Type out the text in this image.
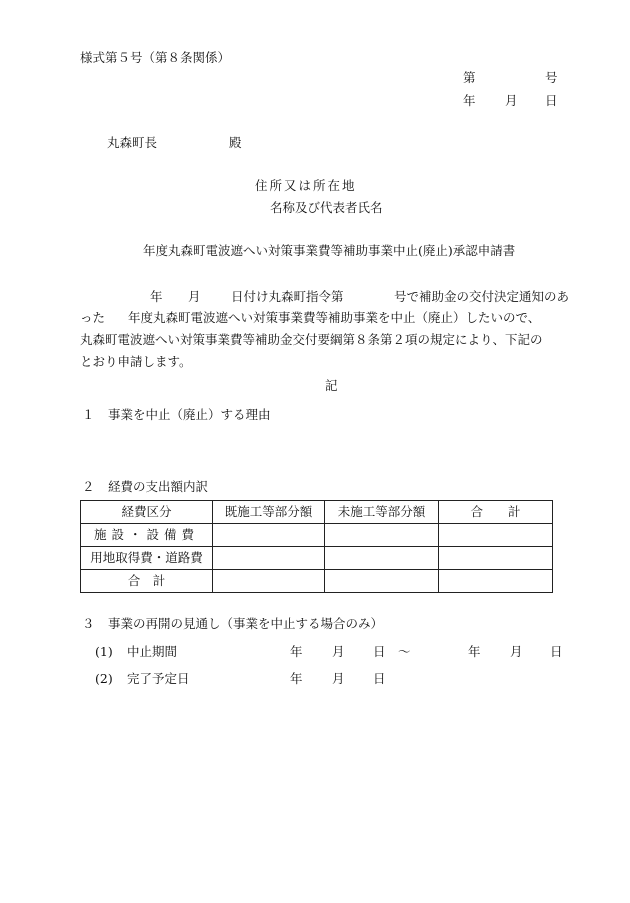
様式第５号（第８条関係）
第	号
年 月 日
丸森町長	殿
住所又は所在地
名称及び代表者氏名
年度丸森町電波遮へい対策事業費等補助事業中止(廃止)承認申請書
年 月 日付け丸森町指令第	号で補助金の交付決定通知のあ
った 年度丸森町電波遮へい対策事業費等補助事業を中止（廃止）したいので、
丸森町電波遮へい対策事業費等補助金交付要綱第８条第２項の規定により、下記の
とおり申請します。
記
１ 事業を中止（廃止）する理由
２ 経費の支出額内訳
経費区分	既施工等部分額	未施工等部分額	合　　計
施設・設備費			
用地取得費・道路費			
合　計			
３ 事業の再開の見通し（事業を中止する場合のみ）
(1) 中止期間	年 月 日 ～	年 月 日
(2) 完了予定日	年 月 日
